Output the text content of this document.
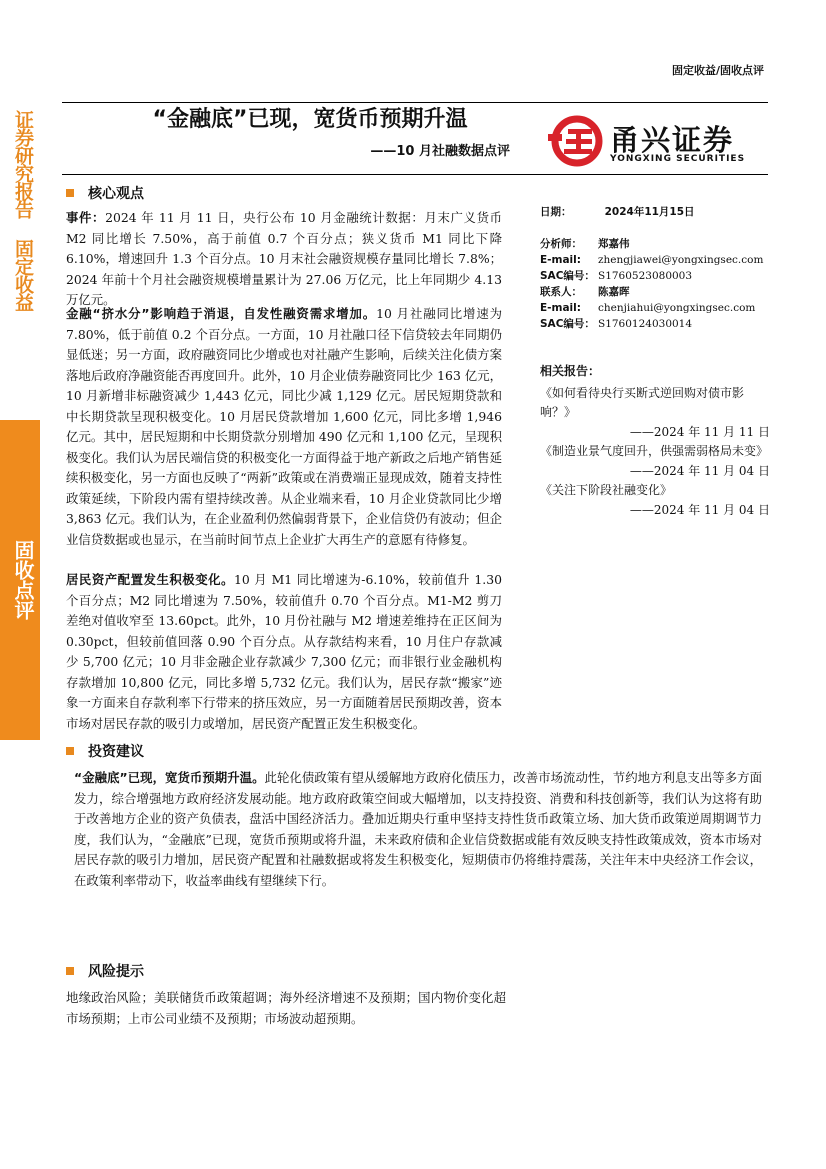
证券研究报告 固定收益
固收点评
固定收益/固收点评
“金融底”已现，宽货币预期升温
——10 月社融数据点评	甬兴证券
YONGXING SECURITIES
核心观点
事件：2024 年 11 月 11 日，央行公布 10 月金融统计数据：月末广义货币 M2 同比增长 7.50%，高于前值 0.7 个百分点；狭义货币 M1 同比下降 6.10%，增速回升 1.3 个百分点。10 月末社会融资规模存量同比增长 7.8%；2024 年前十个月社会融资规模增量累计为 27.06 万亿元，比上年同期少 4.13 万亿元。
金融“挤水分”影响趋于消退，自发性融资需求增加。10 月社融同比增速为 7.80%，低于前值 0.2 个百分点。一方面，10 月社融口径下信贷较去年同期仍显低迷；另一方面，政府融资同比少增或也对社融产生影响，后续关注化债方案落地后政府净融资能否再度回升。此外，10 月企业债券融资同比少 163 亿元，10 月新增非标融资减少 1,443 亿元，同比少减 1,129 亿元。居民短期贷款和中长期贷款呈现积极变化。10 月居民贷款增加 1,600 亿元，同比多增 1,946 亿元。其中，居民短期和中长期贷款分别增加 490 亿元和 1,100 亿元，呈现积极变化。我们认为居民端信贷的积极变化一方面得益于地产新政之后地产销售延续积极变化，另一方面也反映了“两新”政策或在消费端正显现成效，随着支持性政策延续，下阶段内需有望持续改善。从企业端来看，10 月企业贷款同比少增 3,863 亿元。我们认为，在企业盈利仍然偏弱背景下，企业信贷仍有波动；但企业信贷数据或也显示，在当前时间节点上企业扩大再生产的意愿有待修复。
居民资产配置发生积极变化。10 月 M1 同比增速为-6.10%，较前值升 1.30 个百分点；M2 同比增速为 7.50%，较前值升 0.70 个百分点。M1-M2 剪刀差绝对值收窄至 13.60pct。此外，10 月份社融与 M2 增速差维持在正区间为 0.30pct，但较前值回落 0.90 个百分点。从存款结构来看，10 月住户存款减少 5,700 亿元；10 月非金融企业存款减少 7,300 亿元；而非银行业金融机构存款增加 10,800 亿元，同比多增 5,732 亿元。我们认为，居民存款“搬家”迹象一方面来自存款利率下行带来的挤压效应，另一方面随着居民预期改善，资本市场对居民存款的吸引力或增加，居民资产配置正发生积极变化。
投资建议
“金融底”已现，宽货币预期升温。此轮化债政策有望从缓解地方政府化债压力，改善市场流动性，节约地方利息支出等多方面发力，综合增强地方政府经济发展动能。地方政府政策空间或大幅增加，以支持投资、消费和科技创新等，我们认为这将有助于改善地方企业的资产负债表，盘活中国经济活力。叠加近期央行重申坚持支持性货币政策立场、加大货币政策逆周期调节力度，我们认为，“金融底”已现，宽货币预期或将升温，未来政府债和企业信贷数据或能有效反映支持性政策成效，资本市场对居民存款的吸引力增加，居民资产配置和社融数据或将发生积极变化，短期债市仍将维持震荡，关注年末中央经济工作会议，在政策利率带动下，收益率曲线有望继续下行。
风险提示
地缘政治风险；美联储货币政策超调；海外经济增速不及预期；国内物价变化超市场预期；上市公司业绩不及预期；市场波动超预期。
日期：	2024年11月15日
分析师：	郑嘉伟
E-mail:	zhengjiawei@yongxingsec.com
SAC编号： S1760523080003
联系人：	陈嘉晖
E-mail:	chenjiahui@yongxingsec.com
SAC编号： S1760124030014
相关报告：
《如何看待央行买断式逆回购对债市影响？》
——2024 年 11 月 11 日
《制造业景气度回升，供强需弱格局未变》
——2024 年 11 月 04 日
《关注下阶段社融变化》
——2024 年 11 月 04 日
